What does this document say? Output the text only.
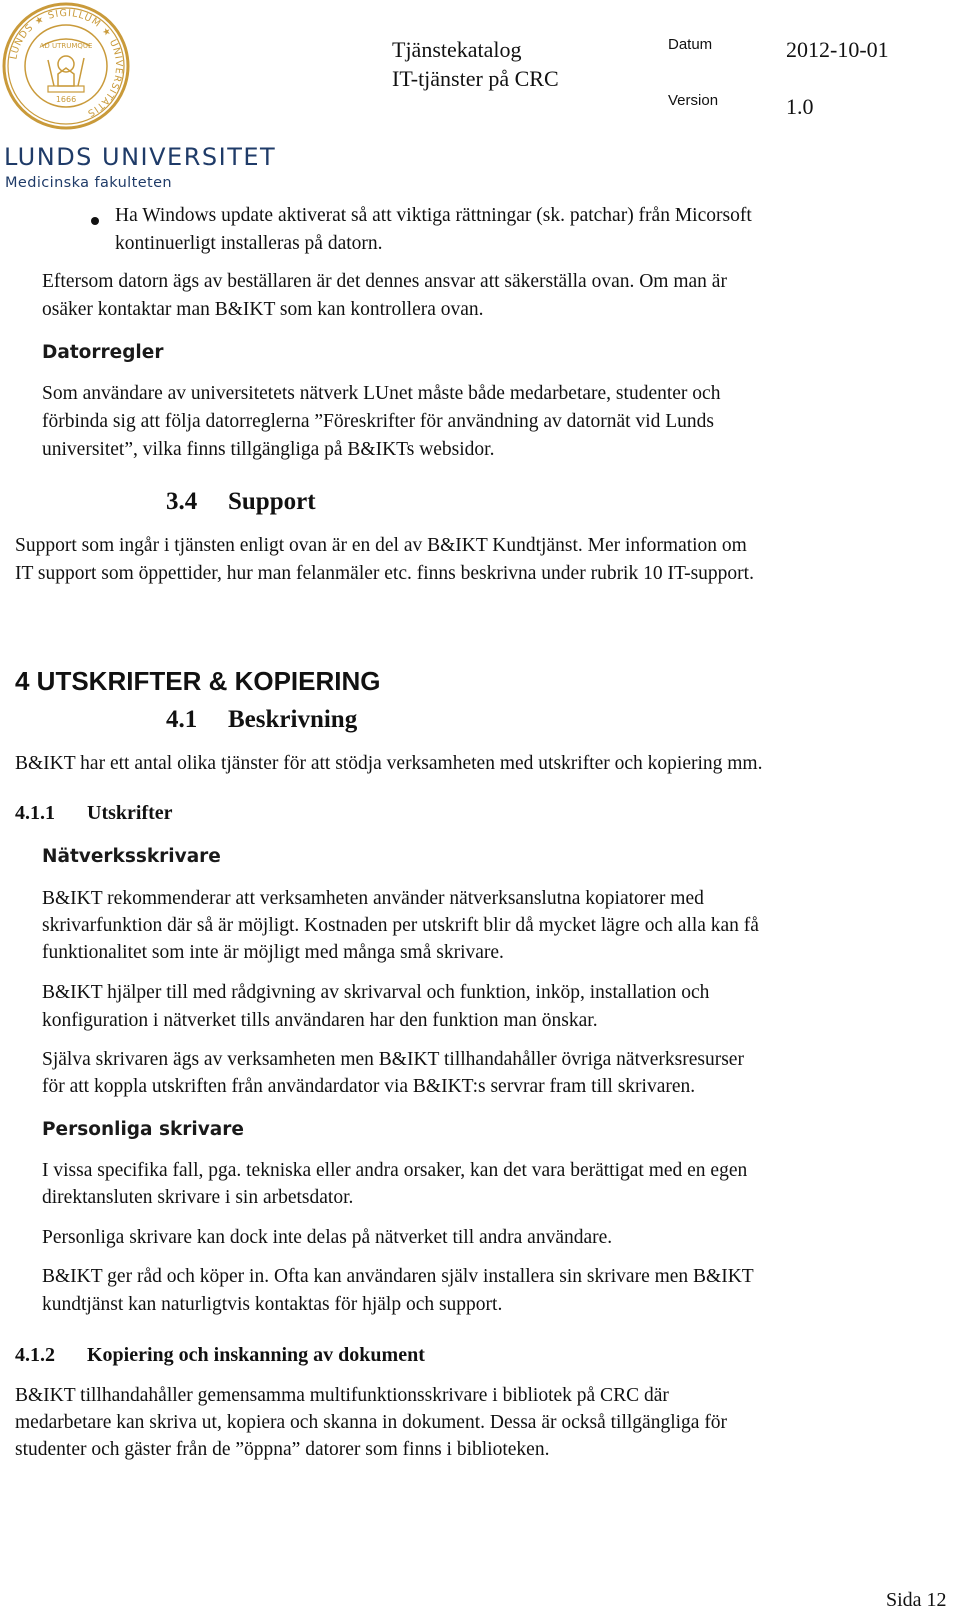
LUNDS ★ SIGILLUM ★ UNIVERSITATIS
AD UTRUMQUE
1666
LUNDS UNIVERSITET
Medicinska fakulteten
Tjänstekatalog
IT-tjänster på CRC
Datum	2012-10-01
Version	1.0
Ha Windows update aktiverat så att viktiga rättningar (sk. patchar) från Micorsoft
kontinuerligt installeras på datorn.
Eftersom datorn ägs av beställaren är det dennes ansvar att säkerställa ovan. Om man är
osäker kontaktar man B&IKT som kan kontrollera ovan.
Datorregler
Som användare av universitetets nätverk LUnet måste både medarbetare, studenter och
förbinda sig att följa datorreglerna ”Föreskrifter för användning av datornät vid Lunds
universitet”, vilka finns tillgängliga på B&IKTs websidor.
3.4 Support
Support som ingår i tjänsten enligt ovan är en del av B&IKT Kundtjänst. Mer information om
IT support som öppettider, hur man felanmäler etc. finns beskrivna under rubrik 10 IT-support.
4 UTSKRIFTER & KOPIERING
4.1 Beskrivning
B&IKT har ett antal olika tjänster för att stödja verksamheten med utskrifter och kopiering mm.
4.1.1 Utskrifter
Nätverksskrivare
B&IKT rekommenderar att verksamheten använder nätverksanslutna kopiatorer med
skrivarfunktion där så är möjligt. Kostnaden per utskrift blir då mycket lägre och alla kan få
funktionalitet som inte är möjligt med många små skrivare.
B&IKT hjälper till med rådgivning av skrivarval och funktion, inköp, installation och
konfiguration i nätverket tills användaren har den funktion man önskar.
Själva skrivaren ägs av verksamheten men B&IKT tillhandahåller övriga nätverksresurser
för att koppla utskriften från användardator via B&IKT:s servrar fram till skrivaren.
Personliga skrivare
I vissa specifika fall, pga. tekniska eller andra orsaker, kan det vara berättigat med en egen
direktansluten skrivare i sin arbetsdator.
Personliga skrivare kan dock inte delas på nätverket till andra användare.
B&IKT ger råd och köper in. Ofta kan användaren själv installera sin skrivare men B&IKT
kundtjänst kan naturligtvis kontaktas för hjälp och support.
4.1.2 Kopiering och inskanning av dokument
B&IKT tillhandahåller gemensamma multifunktionsskrivare i bibliotek på CRC där
medarbetare kan skriva ut, kopiera och skanna in dokument. Dessa är också tillgängliga för
studenter och gäster från de ”öppna” datorer som finns i biblioteken.
Sida 12
